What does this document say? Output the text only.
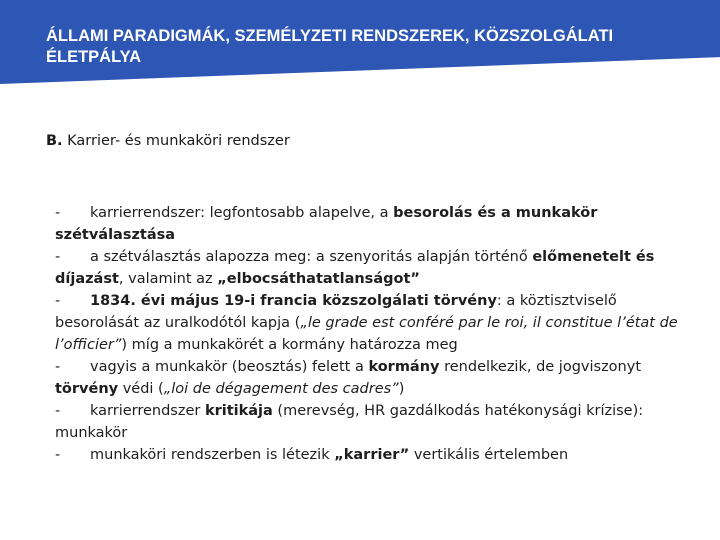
ÁLLAMI PARADIGMÁK, SZEMÉLYZETI RENDSZEREK, KÖZSZOLGÁLATI ÉLETPÁLYA

B. Karrier- és munkaköri rendszer

- karrierrendszer: legfontosabb alapelve, a besorolás és a munkakör szétválasztása

- a szétválasztás alapozza meg: a szenyoritás alapján történő előmenetelt és díjazást, valamint az „elbocsáthatatlanságot”

- 1834. évi május 19-i francia közszolgálati törvény: a köztisztviselő besorolását az uralkodótól kapja („le grade est conféré par le roi, il constitue l’état de l’officier”) míg a munkakörét a kormány határozza meg

- vagyis a munkakör (beosztás) felett a kormány rendelkezik, de jogviszonyt törvény védi („loi de dégagement des cadres”)

- karrierrendszer kritikája (merevség, HR gazdálkodás hatékonysági krízise): munkakör

- munkaköri rendszerben is létezik „karrier” vertikális értelemben
